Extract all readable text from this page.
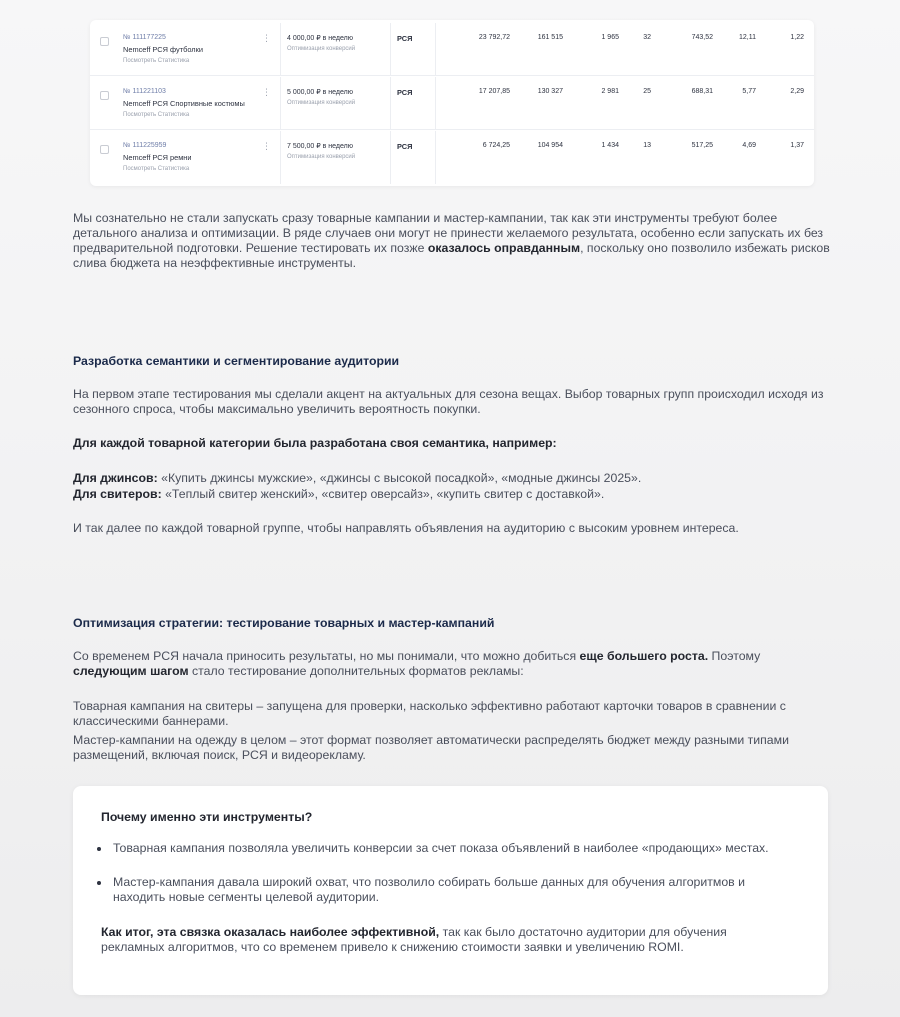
№ 111177225
Nemceff РСЯ футболки
Посмотреть Статистика
⋮ 4 000,00 ₽ в неделю
Оптимизация конверсий
РСЯ	23 792,72	161 515	1 965	32	743,52	12,11	1,22
№ 111221103
Nemceff РСЯ Спортивные костюмы
Посмотреть Статистика
⋮ 5 000,00 ₽ в неделю
Оптимизация конверсий
РСЯ	17 207,85	130 327	2 981	25	688,31	5,77	2,29
№ 111225959
Nemceff РСЯ ремни
Посмотреть Статистика
⋮ 7 500,00 ₽ в неделю
Оптимизация конверсий
РСЯ	6 724,25	104 954	1 434	13	517,25	4,69	1,37

Мы сознательно не стали запускать сразу товарные кампании и мастер-кампании, так как эти инструменты требуют более детального анализа и оптимизации. В ряде случаев они могут не принести желаемого результата, особенно если запускать их без предварительной подготовки. Решение тестировать их позже оказалось оправданным, поскольку оно позволило избежать рисков слива бюджета на неэффективные инструменты.

Разработка семантики и сегментирование аудитории

На первом этапе тестирования мы сделали акцент на актуальных для сезона вещах. Выбор товарных групп происходил исходя из сезонного спроса, чтобы максимально увеличить вероятность покупки.

Для каждой товарной категории была разработана своя семантика, например:

Для джинсов: «Купить джинсы мужские», «джинсы с высокой посадкой», «модные джинсы 2025».

Для свитеров: «Теплый свитер женский», «свитер оверсайз», «купить свитер с доставкой».

И так далее по каждой товарной группе, чтобы направлять объявления на аудиторию с высоким уровнем интереса.

Оптимизация стратегии: тестирование товарных и мастер-кампаний

Со временем РСЯ начала приносить результаты, но мы понимали, что можно добиться еще большего роста. Поэтому следующим шагом стало тестирование дополнительных форматов рекламы:

Товарная кампания на свитеры – запущена для проверки, насколько эффективно работают карточки товаров в сравнении с классическими баннерами.

Мастер-кампании на одежду в целом – этот формат позволяет автоматически распределять бюджет между разными типами размещений, включая поиск, РСЯ и видеорекламу.

Почему именно эти инструменты?
Товарная кампания позволяла увеличить конверсии за счет показа объявлений в наиболее «продающих» местах.
Мастер-кампания давала широкий охват, что позволило собирать больше данных для обучения алгоритмов и находить новые сегменты целевой аудитории.

Как итог, эта связка оказалась наиболее эффективной, так как было достаточно аудитории для обучения рекламных алгоритмов, что со временем привело к снижению стоимости заявки и увеличению ROMI.
